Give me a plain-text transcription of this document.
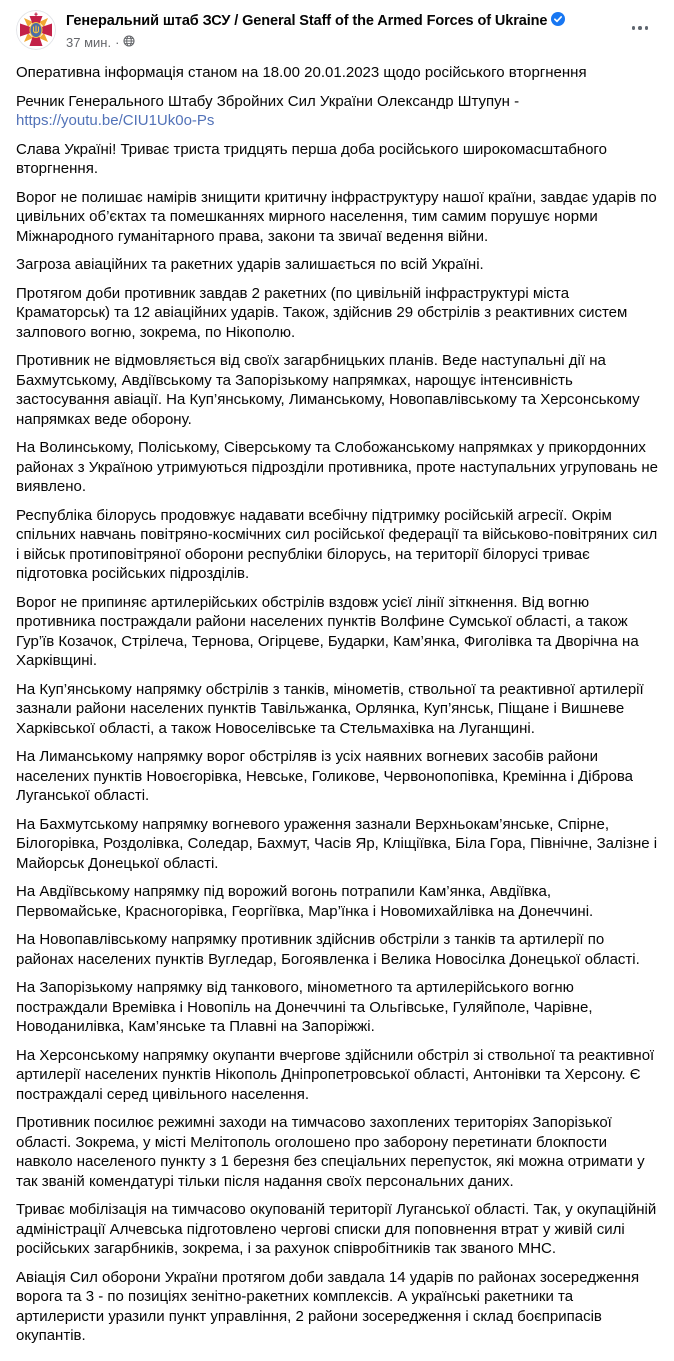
Генеральний штаб ЗСУ / General Staff of the Armed Forces of Ukraine
37 мин. ·

Оперативна інформація станом на 18.00 20.01.2023 щодо російського вторгнення

Речник Генерального Штабу Збройних Сил України Олександр Штупун - https://youtu.be/CIU1Uk0o-Ps

Слава Україні! Триває триста тридцять перша доба російського широкомасштабного вторгнення.

Ворог не полишає намірів знищити критичну інфраструктуру нашої країни, завдає ударів по цивільних об’єктах та помешканнях мирного населення, тим самим порушує норми Міжнародного гуманітарного права, закони та звичаї ведення війни.

Загроза авіаційних та ракетних ударів залишається по всій Україні.

Протягом доби противник завдав 2 ракетних (по цивільній інфраструктурі міста Краматорськ) та 12 авіаційних ударів. Також, здійснив 29 обстрілів з реактивних систем залпового вогню, зокрема, по Нікополю.

Противник не відмовляється від своїх загарбницьких планів. Веде наступальні дії на Бахмутському, Авдіївському та Запорізькому напрямках, нарощує інтенсивність застосування авіації. На Куп’янському, Лиманському, Новопавлівському та Херсонському напрямках веде оборону.

На Волинському, Поліському, Сіверському та Слобожанському напрямках у прикордонних районах з Україною утримуються підрозділи противника, проте наступальних угруповань не виявлено.

Республіка білорусь продовжує надавати всебічну підтримку російській агресії. Окрім спільних навчань повітряно-космічних сил російської федерації та військово-повітряних сил і військ протиповітряної оборони республіки білорусь, на території білорусі триває підготовка російських підрозділів.

Ворог не припиняє артилерійських обстрілів вздовж усієї лінії зіткнення. Від вогню противника постраждали райони населених пунктів Волфине Сумської області, а також Гур’їв Козачок, Стрілеча, Тернова, Огірцеве, Бударки, Кам’янка, Фиголівка та Дворічна на Харківщині.

На Куп’янському напрямку обстрілів з танків, мінометів, ствольної та реактивної артилерії зазнали райони населених пунктів Тавільжанка, Орлянка, Куп’янськ, Піщане і Вишневе Харківської області, а також Новоселівське та Стельмахівка на Луганщині.

На Лиманському напрямку ворог обстріляв із усіх наявних вогневих засобів райони населених пунктів Новоєгорівка, Невське, Голикове, Червонопопівка, Кремінна і Діброва Луганської області.

На Бахмутському напрямку вогневого ураження зазнали Верхньокам’янське, Спірне, Білогорівка, Роздолівка, Соледар, Бахмут, Часів Яр, Кліщіївка, Біла Гора, Північне, Залізне і Майорськ Донецької області.

На Авдіївському напрямку під ворожий вогонь потрапили Кам’янка, Авдіївка, Первомайське, Красногорівка, Георгіївка, Мар’їнка і Новомихайлівка на Донеччині.

На Новопавлівському напрямку противник здійснив обстріли з танків та артилерії по районах населених пунктів Вугледар, Богоявленка і Велика Новосілка Донецької області.

На Запорізькому напрямку від танкового, мінометного та артилерійського вогню постраждали Времівка і Новопіль на Донеччині та Ольгівське, Гуляйполе, Чарівне, Новоданилівка, Кам’янське та Плавні на Запоріжжі.

На Херсонському напрямку окупанти вчергове здійснили обстріл зі ствольної та реактивної артилерії населених пунктів Нікополь Дніпропетровської області, Антонівки та Херсону. Є постраждалі серед цивільного населення.

Противник посилює режимні заходи на тимчасово захоплених територіях Запорізької області. Зокрема, у місті Мелітополь оголошено про заборону перетинати блокпости навколо населеного пункту з 1 березня без спеціальних перепусток, які можна отримати у так званій комендатурі тільки після надання своїх персональних даних.

Триває мобілізація на тимчасово окупованій території Луганської області. Так, у окупаційній адміністрації Алчевська підготовлено чергові списки для поповнення втрат у живій силі російських загарбників, зокрема, і за рахунок співробітників так званого МНС.

Авіація Сил оборони України протягом доби завдала 14 ударів по районах зосередження ворога та 3 - по позиціях зенітно-ракетних комплексів. А українські ракетники та артилеристи уразили пункт управління, 2 райони зосередження і склад боєприпасів окупантів.
